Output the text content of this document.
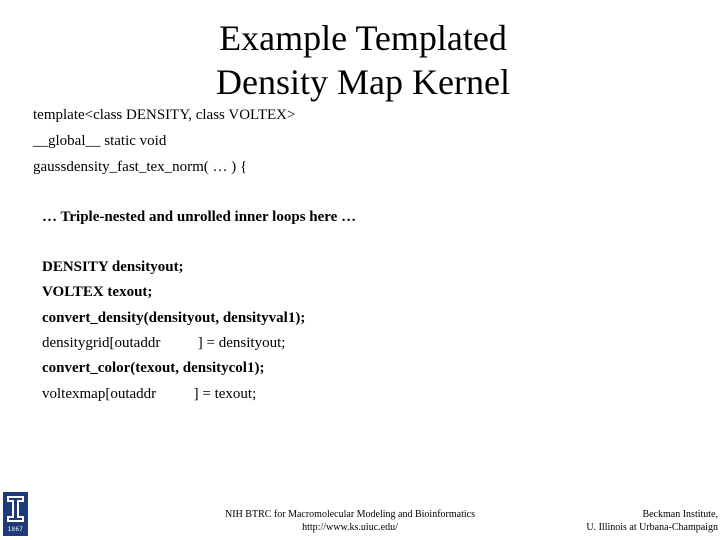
Example Templated
Density Map Kernel
template<class DENSITY, class VOLTEX>
__global__ static void
gaussdensity_fast_tex_norm( … ) {
… Triple-nested and unrolled inner loops here …
DENSITY densityout;
VOLTEX texout;
convert_density(densityout, densityval1);
densitygrid[outaddr          ] = densityout;
convert_color(texout, densitycol1);
voltexmap[outaddr          ] = texout;
1867
NIH BTRC for Macromolecular Modeling and Bioinformatics
http://www.ks.uiuc.edu/
Beckman Institute,
U. Illinois at Urbana-Champaign
